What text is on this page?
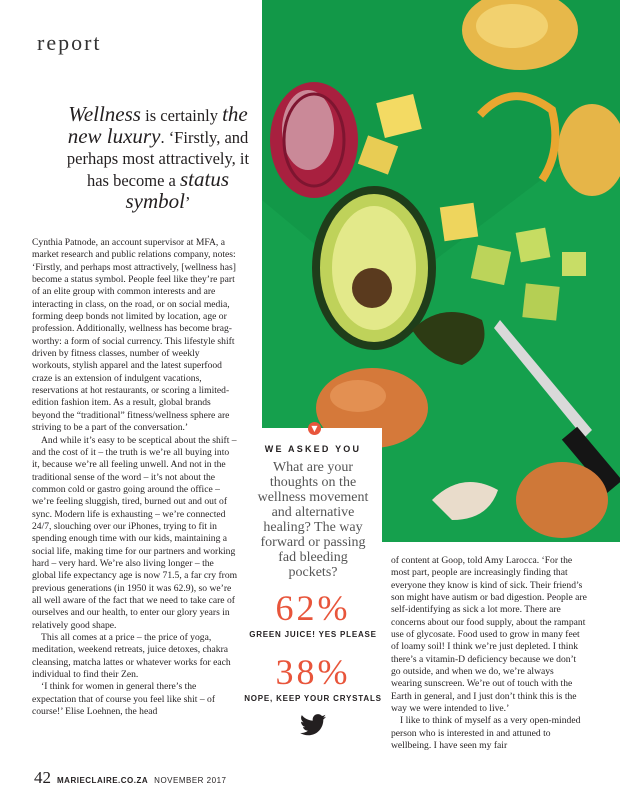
report
Wellness is certainly the new luxury. ‘Firstly, and perhaps most attractively, it has become a status symbol’

Cynthia Patnode, an account supervisor at MFA, a market research and public relations company, notes: ‘Firstly, and perhaps most attractively, [wellness has] become a status symbol. People feel like they’re part of an elite group with common interests and are interacting in class, on the road, or on social media, forming deep bonds not limited by location, age or profession. Additionally, wellness has become brag-worthy: a form of social currency. This lifestyle shift driven by fitness classes, number of weekly workouts, stylish apparel and the latest superfood craze is an extension of indulgent vacations, reservations at hot restaurants, or scoring a limited-edition fashion item. As a result, global brands beyond the “traditional” fitness/wellness sphere are striving to be a part of the conversation.’

And while it’s easy to be sceptical about the shift – and the cost of it – the truth is we’re all buying into it, because we’re all feeling unwell. And not in the traditional sense of the word – it’s not about the common cold or gastro going around the office – we’re feeling sluggish, tired, burned out and out of sync. Modern life is exhausting – we’re connected 24/7, slouching over our iPhones, trying to fit in spending enough time with our kids, maintaining a social life, making time for our partners and working hard – very hard. We’re also living longer – the global life expectancy age is now 71.5, a far cry from previous generations (in 1950 it was 62.9), so we’re all well aware of the fact that we need to take care of ourselves and our health, to enter our glory years in relatively good shape.

This all comes at a price – the price of yoga, meditation, weekend retreats, juice detoxes, chakra cleansing, matcha lattes or whatever works for each individual to find their Zen.

‘I think for women in general there’s the expectation that of course you feel like shit – of course!’ Elise Loehnen, the head

▼
WE ASKED YOU
What are your thoughts on the wellness movement and alternative healing? The way forward or passing fad bleeding pockets?
62%
GREEN JUICE! YES PLEASE
38%
NOPE, KEEP YOUR CRYSTALS

of content at Goop, told Amy Larocca. ‘For the most part, people are increasingly finding that everyone they know is kind of sick. Their friend’s son might have autism or bad digestion. People are self-identifying as sick a lot more. There are concerns about our food supply, about the rampant use of glycosate. Food used to grow in many feet of loamy soil! I think we’re just depleted. I think there’s a vitamin-D deficiency because we don’t go outside, and when we do, we’re always wearing sunscreen. We’re out of touch with the Earth in general, and I just don’t think this is the way we were intended to live.’

I like to think of myself as a very open-minded person who is interested in and attuned to wellbeing. I have seen my fair

42 MARIECLAIRE.CO.ZA NOVEMBER 2017
